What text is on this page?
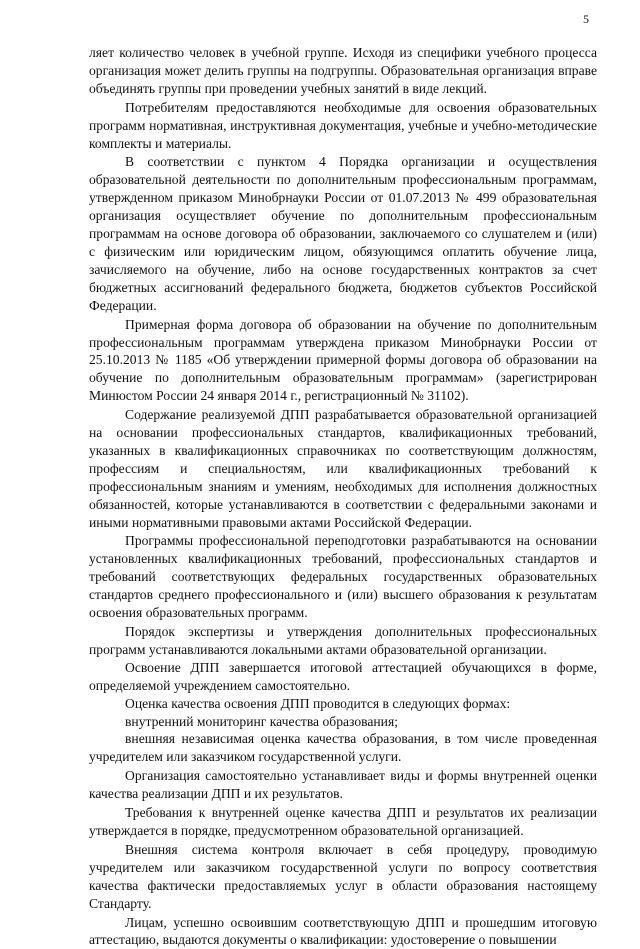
5

ляет количество человек в учебной группе. Исходя из специфики учебного процесса организация может делить группы на подгруппы. Образовательная организация вправе объединять группы при проведении учебных занятий в виде лекций.

Потребителям предоставляются необходимые для освоения образовательных программ нормативная, инструктивная документация, учебные и учебно-методические комплекты и материалы.

В соответствии с пунктом 4 Порядка организации и осуществления образовательной деятельности по дополнительным профессиональным программам, утвержденном приказом Минобрнауки России от 01.07.2013 № 499 образовательная организация осуществляет обучение по дополнительным профессиональным программам на основе договора об образовании, заключаемого со слушателем и (или) с физическим или юридическим лицом, обязующимся оплатить обучение лица, зачисляемого на обучение, либо на основе государственных контрактов за счет бюджетных ассигнований федерального бюджета, бюджетов субъектов Российской Федерации.

Примерная форма договора об образовании на обучение по дополнительным профессиональным программам утверждена приказом Минобрнауки России от 25.10.2013 № 1185 «Об утверждении примерной формы договора об образовании на обучение по дополнительным образовательным программам» (зарегистрирован Минюстом России 24 января 2014 г., регистрационный № 31102).

Содержание реализуемой ДПП разрабатывается образовательной организацией на основании профессиональных стандартов, квалификационных требований, указанных в квалификационных справочниках по соответствующим должностям, профессиям и специальностям, или квалификационных требований к профессиональным знаниям и умениям, необходимых для исполнения должностных обязанностей, которые устанавливаются в соответствии с федеральными законами и иными нормативными правовыми актами Российской Федерации.

Программы профессиональной переподготовки разрабатываются на основании установленных квалификационных требований, профессиональных стандартов и требований соответствующих федеральных государственных образовательных стандартов среднего профессионального и (или) высшего образования к результатам освоения образовательных программ.

Порядок экспертизы и утверждения дополнительных профессиональных программ устанавливаются локальными актами образовательной организации.

Освоение ДПП завершается итоговой аттестацией обучающихся в форме, определяемой учреждением самостоятельно.

Оценка качества освоения ДПП проводится в следующих формах:

внутренний мониторинг качества образования;

внешняя независимая оценка качества образования, в том числе проведенная учредителем или заказчиком государственной услуги.

Организация самостоятельно устанавливает виды и формы внутренней оценки качества реализации ДПП и их результатов.

Требования к внутренней оценке качества ДПП и результатов их реализации утверждается в порядке, предусмотренном образовательной организацией.

Внешняя система контроля включает в себя процедуру, проводимую учредителем или заказчиком государственной услуги по вопросу соответствия качества фактически предоставляемых услуг в области образования настоящему Стандарту.

Лицам, успешно освоившим соответствующую ДПП и прошедшим итоговую аттестацию, выдаются документы о квалификации: удостоверение о повышении
